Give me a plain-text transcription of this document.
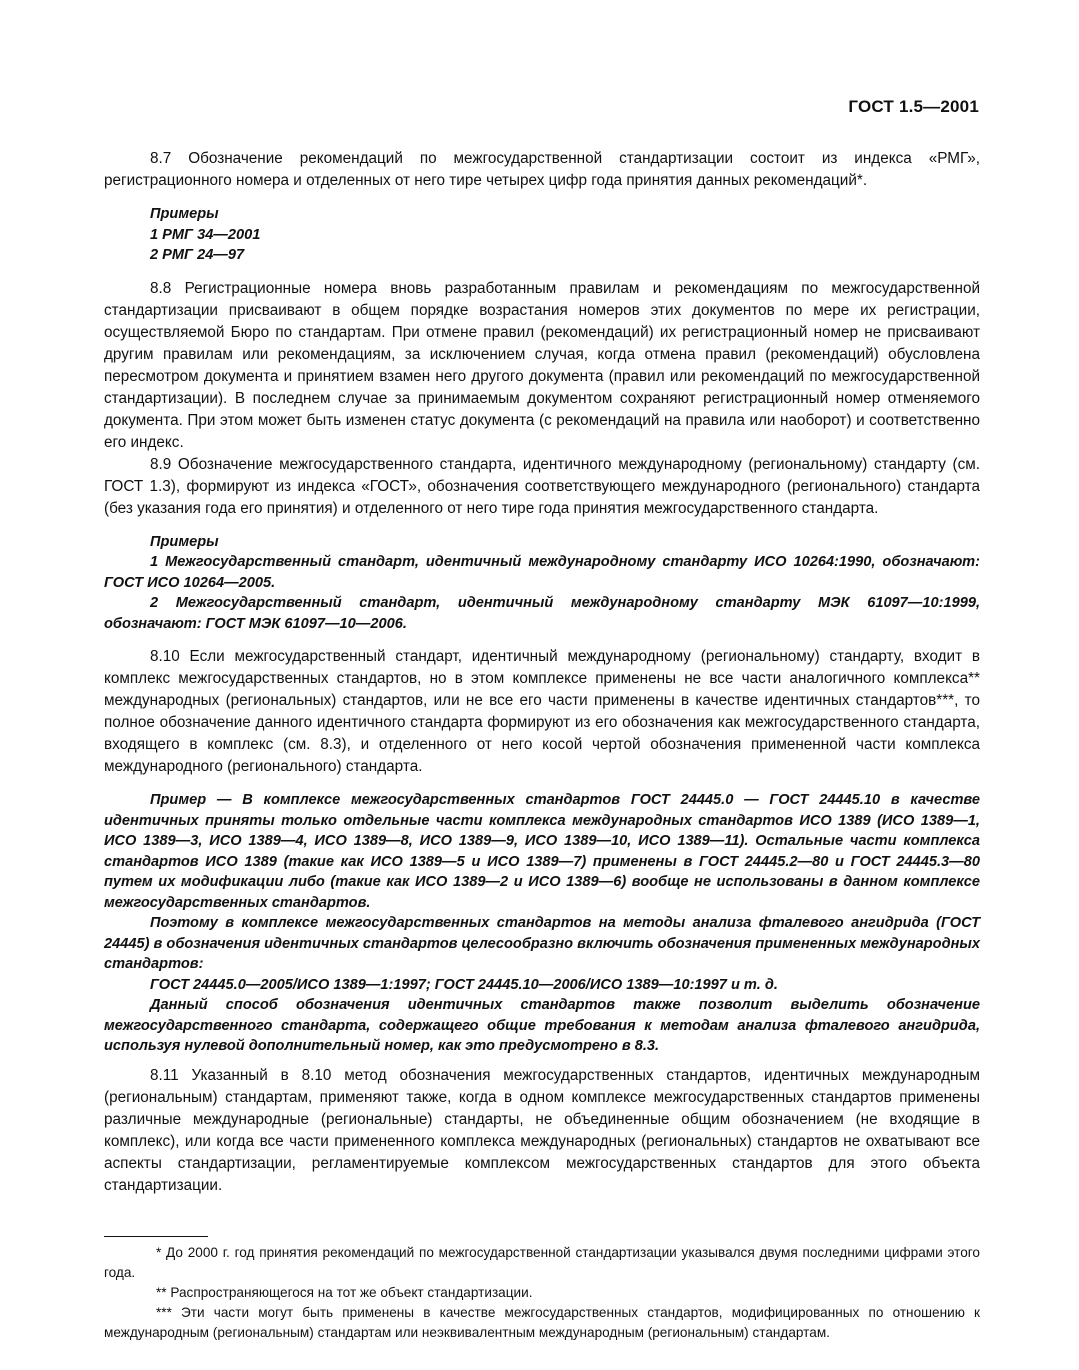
ГОСТ 1.5—2001

8.7 Обозначение рекомендаций по межгосударственной стандартизации состоит из индекса «РМГ», регистрационного номера и отделенных от него тире четырех цифр года принятия данных рекомендаций*.

Примеры
1 РМГ 34—2001
2 РМГ 24—97

8.8 Регистрационные номера вновь разработанным правилам и рекомендациям по межгосударственной стандартизации присваивают в общем порядке возрастания номеров этих документов по мере их регистрации, осуществляемой Бюро по стандартам. При отмене правил (рекомендаций) их регистрационный номер не присваивают другим правилам или рекомендациям, за исключением случая, когда отмена правил (рекомендаций) обусловлена пересмотром документа и принятием взамен него другого документа (правил или рекомендаций по межгосударственной стандартизации). В последнем случае за принимаемым документом сохраняют регистрационный номер отменяемого документа. При этом может быть изменен статус документа (с рекомендаций на правила или наоборот) и соответственно его индекс.

8.9 Обозначение межгосударственного стандарта, идентичного международному (региональному) стандарту (см. ГОСТ 1.3), формируют из индекса «ГОСТ», обозначения соответствующего международного (регионального) стандарта (без указания года его принятия) и отделенного от него тире года принятия межгосударственного стандарта.

Примеры

1 Межгосударственный стандарт, идентичный международному стандарту ИСО 10264:1990, обозначают: ГОСТ ИСО 10264—2005.

2 Межгосударственный стандарт, идентичный международному стандарту МЭК 61097—10:1999, обозначают: ГОСТ МЭК 61097—10—2006.

8.10 Если межгосударственный стандарт, идентичный международному (региональному) стандарту, входит в комплекс межгосударственных стандартов, но в этом комплексе применены не все части аналогичного комплекса** международных (региональных) стандартов, или не все его части применены в качестве идентичных стандартов***, то полное обозначение данного идентичного стандарта формируют из его обозначения как межгосударственного стандарта, входящего в комплекс (см. 8.3), и отделенного от него косой чертой обозначения примененной части комплекса международного (регионального) стандарта.

Пример — В комплексе межгосударственных стандартов ГОСТ 24445.0 — ГОСТ 24445.10 в качестве идентичных приняты только отдельные части комплекса международных стандартов ИСО 1389 (ИСО 1389—1, ИСО 1389—3, ИСО 1389—4, ИСО 1389—8, ИСО 1389—9, ИСО 1389—10, ИСО 1389—11). Остальные части комплекса стандартов ИСО 1389 (такие как ИСО 1389—5 и ИСО 1389—7) применены в ГОСТ 24445.2—80 и ГОСТ 24445.3—80 путем их модификации либо (такие как ИСО 1389—2 и ИСО 1389—6) вообще не использованы в данном комплексе межгосударственных стандартов.

Поэтому в комплексе межгосударственных стандартов на методы анализа фталевого ангидрида (ГОСТ 24445) в обозначения идентичных стандартов целесообразно включить обозначения примененных международных стандартов:

ГОСТ 24445.0—2005/ИСО 1389—1:1997; ГОСТ 24445.10—2006/ИСО 1389—10:1997 и т. д.

Данный способ обозначения идентичных стандартов также позволит выделить обозначение межгосударственного стандарта, содержащего общие требования к методам анализа фталевого ангидрида, используя нулевой дополнительный номер, как это предусмотрено в 8.3.

8.11 Указанный в 8.10 метод обозначения межгосударственных стандартов, идентичных международным (региональным) стандартам, применяют также, когда в одном комплексе межгосударственных стандартов применены различные международные (региональные) стандарты, не объединенные общим обозначением (не входящие в комплекс), или когда все части примененного комплекса международных (региональных) стандартов не охватывают все аспекты стандартизации, регламентируемые комплексом межгосударственных стандартов для этого объекта стандартизации.

* До 2000 г. год принятия рекомендаций по межгосударственной стандартизации указывался двумя последними цифрами этого года.

** Распространяющегося на тот же объект стандартизации.

*** Эти части могут быть применены в качестве межгосударственных стандартов, модифицированных по отношению к международным (региональным) стандартам или неэквивалентным международным (региональным) стандартам.
